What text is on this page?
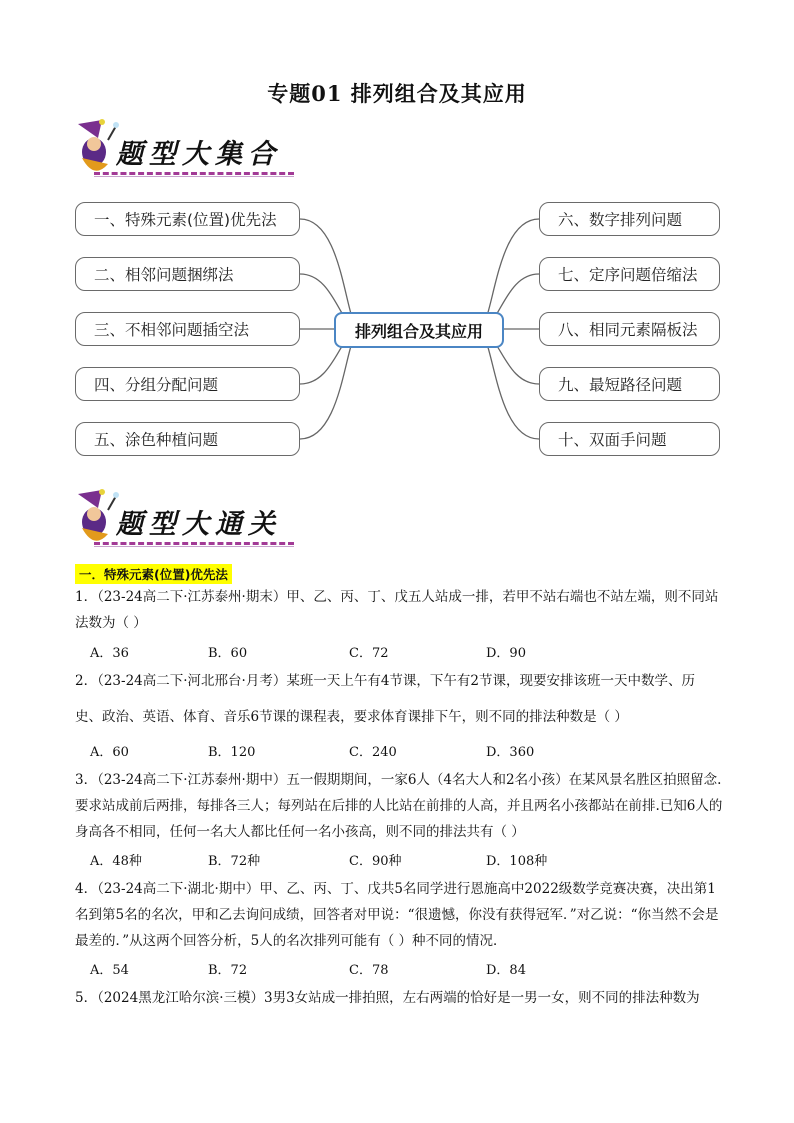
专题01 排列组合及其应用
题型大集合
一、特殊元素(位置)优先法
二、相邻问题捆绑法
三、不相邻问题插空法
四、分组分配问题
五、涂色种植问题
排列组合及其应用
六、数字排列问题
七、定序问题倍缩法
八、相同元素隔板法
九、最短路径问题
十、双面手问题
题型大通关
一．特殊元素(位置)优先法
1．（23-24高二下·江苏泰州·期末）甲、乙、丙、丁、戊五人站成一排，若甲不站右端也不站左端，则不同站法数为（ ）
A．36	B．60	C．72	D．90
2．（23-24高二下·河北邢台·月考）某班一天上午有4节课，下午有2节课，现要安排该班一天中数学、历
史、政治、英语、体育、音乐6节课的课程表，要求体育课排下午，则不同的排法种数是（ ）
A．60	B．120	C．240	D．360
3．（23-24高二下·江苏泰州·期中）五一假期期间，一家6人（4名大人和2名小孩）在某风景名胜区拍照留念.要求站成前后两排，每排各三人；每列站在后排的人比站在前排的人高，并且两名小孩都站在前排.已知6人的身高各不相同，任何一名大人都比任何一名小孩高，则不同的排法共有（ ）
A．48种	B．72种	C．90种	D．108种
4．（23-24高二下·湖北·期中）甲、乙、丙、丁、戊共5名同学进行恩施高中2022级数学竞赛决赛，决出第1名到第5名的名次，甲和乙去询问成绩，回答者对甲说：“很遗憾，你没有获得冠军．”对乙说：“你当然不会是最差的．”从这两个回答分析，5人的名次排列可能有（ ）种不同的情况．
A．54	B．72	C．78	D．84
5．（2024黑龙江哈尔滨·三模）3男3女站成一排拍照，左右两端的恰好是一男一女，则不同的排法种数为
